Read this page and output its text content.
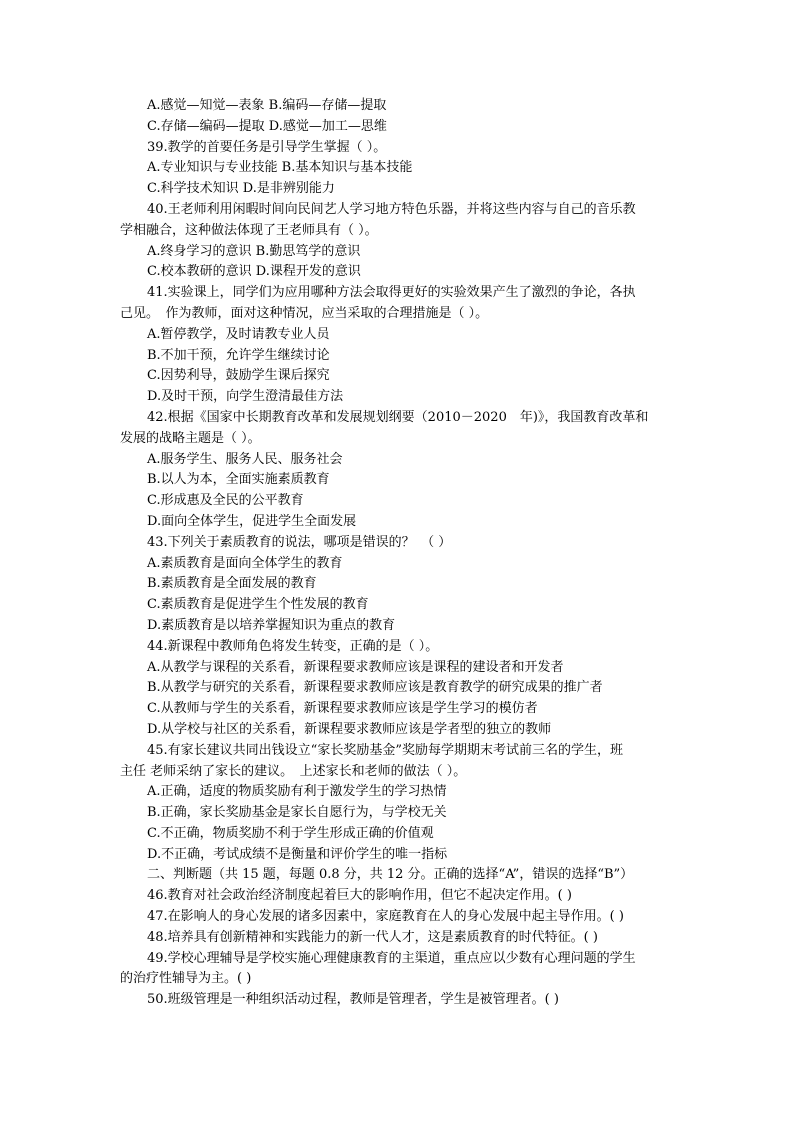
A.感觉—知觉—表象 B.编码—存储—提取
C.存储—编码—提取 D.感觉—加工—思维
39.教学的首要任务是引导学生掌握（ ）。
A.专业知识与专业技能 B.基本知识与基本技能
C.科学技术知识 D.是非辨别能力
40.王老师利用闲暇时间向民间艺人学习地方特色乐器，并将这些内容与自己的音乐教
学相融合，这种做法体现了王老师具有（ ）。
A.终身学习的意识 B.勤思笃学的意识
C.校本教研的意识 D.课程开发的意识
41.实验课上，同学们为应用哪种方法会取得更好的实验效果产生了激烈的争论，各执
己见。　作为教师，面对这种情况，应当采取的合理措施是（ ）。
A.暂停教学，及时请教专业人员
B.不加干预，允许学生继续讨论
C.因势利导，鼓励学生课后探究
D.及时干预，向学生澄清最佳方法
42.根据《国家中长期教育改革和发展规划纲要（2010－2020　年)》，我国教育改革和
发展的战略主题是（ ）。
A.服务学生、服务人民、服务社会
B.以人为本，全面实施素质教育
C.形成惠及全民的公平教育
D.面向全体学生，促进学生全面发展
43.下列关于素质教育的说法，哪项是错误的？　（ ）
A.素质教育是面向全体学生的教育
B.素质教育是全面发展的教育
C.素质教育是促进学生个性发展的教育
D.素质教育是以培养掌握知识为重点的教育
44.新课程中教师角色将发生转变，正确的是（ ）。
A.从教学与课程的关系看，新课程要求教师应该是课程的建设者和开发者
B.从教学与研究的关系看，新课程要求教师应该是教育教学的研究成果的推广者
C.从教师与学生的关系看，新课程要求教师应该是学生学习的模仿者
D.从学校与社区的关系看，新课程要求教师应该是学者型的独立的教师
45.有家长建议共同出钱设立“家长奖励基金”奖励每学期期末考试前三名的学生，班
主任 老师采纳了家长的建议。　上述家长和老师的做法（ ）。
A.正确，适度的物质奖励有利于激发学生的学习热情
B.正确，家长奖励基金是家长自愿行为，与学校无关
C.不正确，物质奖励不利于学生形成正确的价值观
D.不正确，考试成绩不是衡量和评价学生的唯一指标
二、判断题（共 15 题，每题 0.8 分，共 12 分。正确的选择“A”，错误的选择“B”）
46.教育对社会政治经济制度起着巨大的影响作用，但它不起决定作用。( )
47.在影响人的身心发展的诸多因素中，家庭教育在人的身心发展中起主导作用。( )
48.培养具有创新精神和实践能力的新一代人才，这是素质教育的时代特征。( )
49.学校心理辅导是学校实施心理健康教育的主渠道，重点应以少数有心理问题的学生
的治疗性辅导为主。( )
50.班级管理是一种组织活动过程，教师是管理者，学生是被管理者。( )
